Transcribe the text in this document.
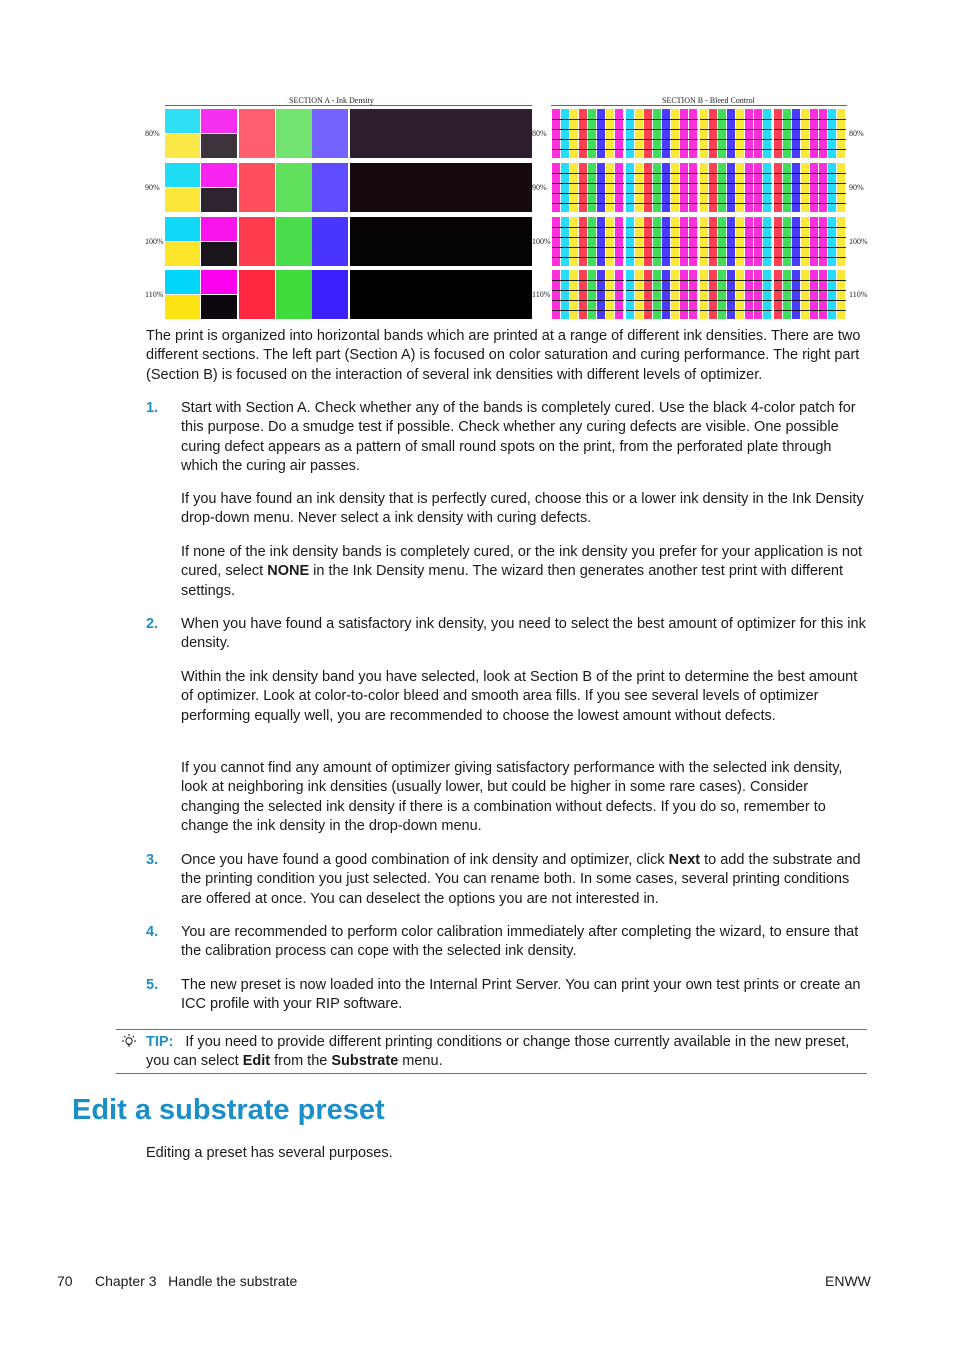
SECTION A - Ink Density	SECTION B - Bleed Control
80%	80%	80%
90%	90%	90%
100%	100%	100%
110%	110%	110%

The print is organized into horizontal bands which are printed at a range of different ink densities. There are two different sections. The left part (Section A) is focused on color saturation and curing performance. The right part (Section B) is focused on the interaction of several ink densities with different levels of optimizer.

1. Start with Section A. Check whether any of the bands is completely cured. Use the black 4-color patch for this purpose. Do a smudge test if possible. Check whether any curing defects are visible. One possible curing defect appears as a pattern of small round spots on the print, from the perforated plate through which the curing air passes.
If you have found an ink density that is perfectly cured, choose this or a lower ink density in the Ink Density drop-down menu. Never select a ink density with curing defects.
If none of the ink density bands is completely cured, or the ink density you prefer for your application is not cured, select NONE in the Ink Density menu. The wizard then generates another test print with different settings.
2. When you have found a satisfactory ink density, you need to select the best amount of optimizer for this ink density.
Within the ink density band you have selected, look at Section B of the print to determine the best amount of optimizer. Look at color-to-color bleed and smooth area fills. If you see several levels of optimizer performing equally well, you are recommended to choose the lowest amount without defects.
If you cannot find any amount of optimizer giving satisfactory performance with the selected ink density, look at neighboring ink densities (usually lower, but could be higher in some rare cases). Consider changing the selected ink density if there is a combination without defects. If you do so, remember to change the ink density in the drop-down menu.
3. Once you have found a good combination of ink density and optimizer, click Next to add the substrate and the printing condition you just selected. You can rename both. In some cases, several printing conditions are offered at once. You can deselect the options you are not interested in.
4. You are recommended to perform color calibration immediately after completing the wizard, to ensure that the calibration process can cope with the selected ink density.
5. The new preset is now loaded into the Internal Print Server. You can print your own test prints or create an ICC profile with your RIP software.
TIP: If you need to provide different printing conditions or change those currently available in the new preset, you can select Edit from the Substrate menu.
Edit a substrate preset
Editing a preset has several purposes.
70 Chapter 3   Handle the substrate	ENWW
